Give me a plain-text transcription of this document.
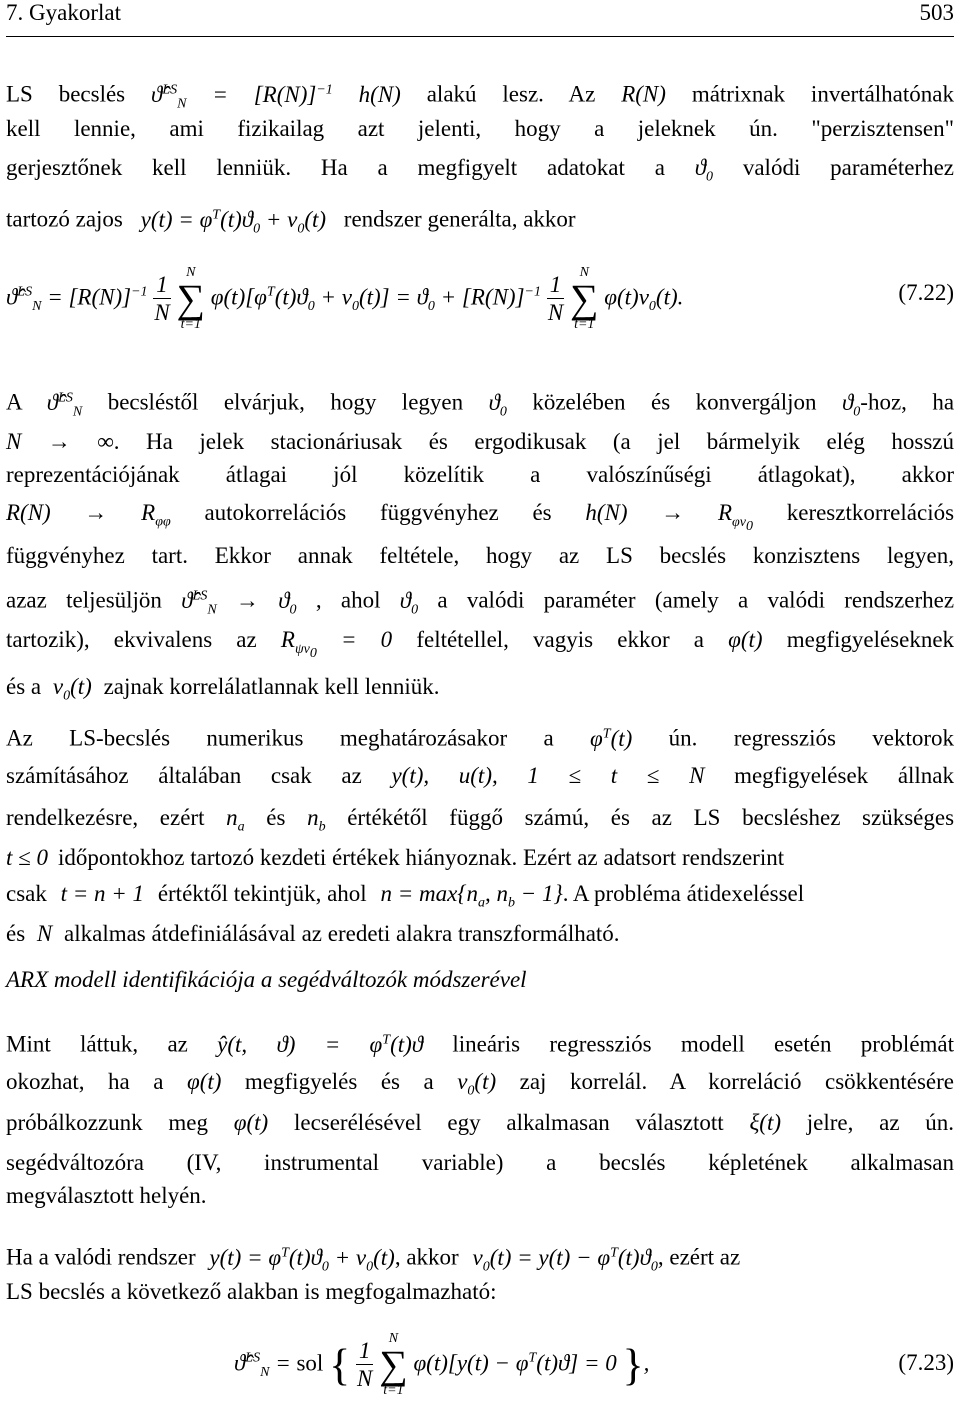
7. Gyakorlat	503
LS becslés ϑ̂$^{LS}_N$ = $[R(N)]^{-1}$ h(N) alakú lesz. Az R(N) mátrixnak invertálhatónak
kell lennie, ami fizikailag azt jelenti, hogy a jeleknek ún. "perzisztensen"
gerjesztőnek kell lenniük. Ha a megfigyelt adatokat a $ϑ_0$ valódi paraméterhez
tartozó zajos $y(t) = \varphi^T(t)ϑ_0 + \nu_0(t)$ rendszer generálta, akkor
ϑ̂$^{LS}_N$ = $[R(N)]^{-1} \frac{1}{N}$
	N
∑
t=1
$\varphi(t)[\varphi^T(t)ϑ_0 + \nu_0(t)] = ϑ_0 + [R(N)]^{-1} \frac{1}{N}$
	N
∑
t=1
$\varphi(t)\nu_0(t)$.	(7.22)
A ϑ̂$^{LS}_N$ becsléstől elvárjuk, hogy legyen $ϑ_0$ közelében és konvergáljon $ϑ_0$-hoz, ha
N → ∞. Ha jelek stacionáriusak és ergodikusak (a jel bármelyik elég hosszú
reprezentációjának átlagai jól közelítik a valószínűségi átlagokat), akkor
$R(N) \to R_{\varphi\varphi}$ autokorrelációs függvényhez és $h(N) \to R_{\varphi\nu_0}$ keresztkorrelációs
függvényhez tart. Ekkor annak feltétele, hogy az LS becslés konzisztens legyen,
azaz teljesüljön ϑ̂$^{LS}_N$ → $ϑ_0$ , ahol $ϑ_0$ a valódi paraméter (amely a valódi rendszerhez
tartozik), ekvivalens az $R_{\psi\nu_0} = 0$ feltétellel, vagyis ekkor a φ(t) megfigyeléseknek
és a $\nu_0(t)$ zajnak korrelálatlannak kell lenniük.
Az LS-becslés numerikus meghatározásakor a $\varphi^T(t)$ ún. regressziós vektorok
számításához általában csak az y(t), u(t), 1 ≤ t ≤ N megfigyelések állnak
rendelkezésre, ezért $n_a$ és $n_b$ értékétől függő számú, és az LS becsléshez szükséges
t ≤ 0 időpontokhoz tartozó kezdeti értékek hiányoznak. Ezért az adatsort rendszerint
csak t = n + 1 értéktől tekintjük, ahol $n = \max\{n_a$, $n_b - 1$}. A probléma átidexeléssel
és N alkalmas átdefiniálásával az eredeti alakra transzformálható.
ARX modell identifikációja a segédváltozók módszerével
Mint láttuk, az ŷ(t, $ϑ) = \varphi^T(t)ϑ$ lineáris regressziós modell esetén problémát
okozhat, ha a φ(t) megfigyelés és a $\nu_0(t)$ zaj korrelál. A korreláció csökkentésére
próbálkozzunk meg φ(t) lecserélésével egy alkalmasan választott ξ(t) jelre, az ún.
segédváltozóra (IV, instrumental variable) a becslés képletének alkalmasan
megválasztott helyén.
Ha a valódi rendszer $y(t) = \varphi^T(t)ϑ_0 + \nu_0(t)$, akkor $\nu_0(t) = y(t) - \varphi^T(t)ϑ_0$, ezért az
LS becslés a következő alakban is megfogalmazható:
ϑ̂$^{LS}_N$ = sol { $\frac{1}{N}$
	N
∑
t=1
$\varphi(t)[y(t) - \varphi^T(t)ϑ] = 0$ },	(7.23)
